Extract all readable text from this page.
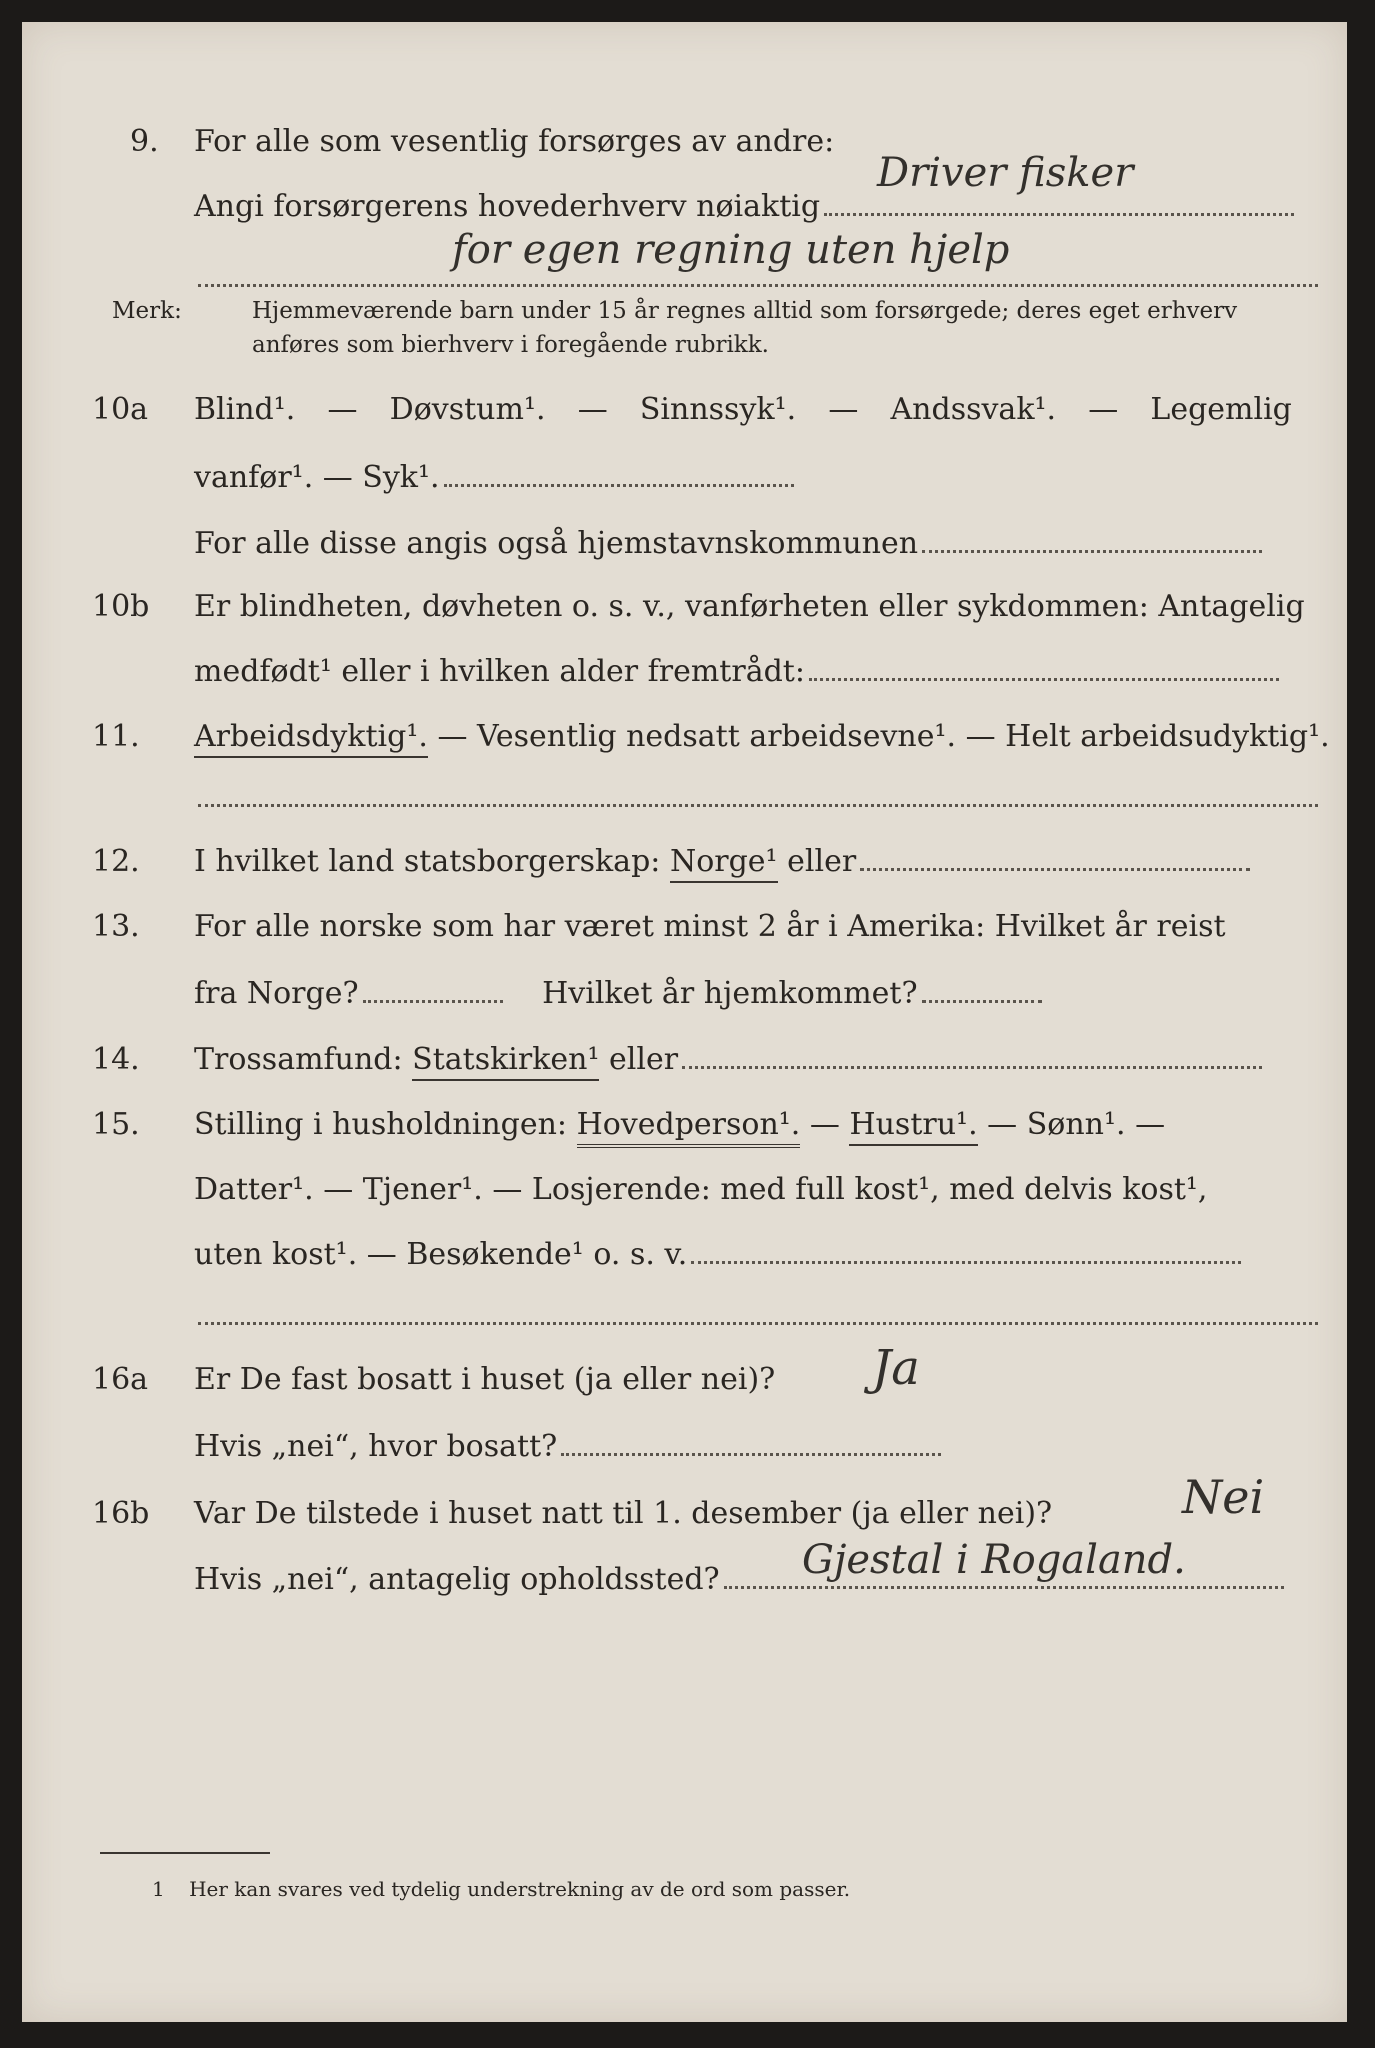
9. For alle som vesentlig forsørges av andre:
Angi forsørgerens hovederhverv nøiaktig
Driver fisker
for egen regning uten hjelp
Merk:	Hjemmeværende barn under 15 år regnes alltid som forsørgede; deres eget erhverv
anføres som bierhverv i foregående rubrikk.
10a Blind¹. — Døvstum¹. — Sinnssyk¹. — Andssvak¹. — Legemlig
vanfør¹. — Syk¹.
For alle disse angis også hjemstavnskommunen
10b Er blindheten, døvheten o. s. v., vanførheten eller sykdommen: Antagelig
medfødt¹ eller i hvilken alder fremtrådt:
11. Arbeidsdyktig¹. — Vesentlig nedsatt arbeidsevne¹. — Helt arbeidsudyktig¹.
12. I hvilket land statsborgerskap: Norge¹ eller
13. For alle norske som har været minst 2 år i Amerika: Hvilket år reist
fra Norge?	Hvilket år hjemkommet?
14. Trossamfund: Statskirken¹ eller
15. Stilling i husholdningen: Hovedperson¹. — Hustru¹. — Sønn¹. —
Datter¹. — Tjener¹. — Losjerende: med full kost¹, med delvis kost¹,
uten kost¹. — Besøkende¹ o. s. v.
16a Er De fast bosatt i huset (ja eller nei)?	Ja
Hvis „nei“, hvor bosatt?
16b Var De tilstede i huset natt til 1. desember (ja eller nei)?	Nei
Hvis „nei“, antagelig opholdssted?	Gjestal i Rogaland.
1 Her kan svares ved tydelig understrekning av de ord som passer.
